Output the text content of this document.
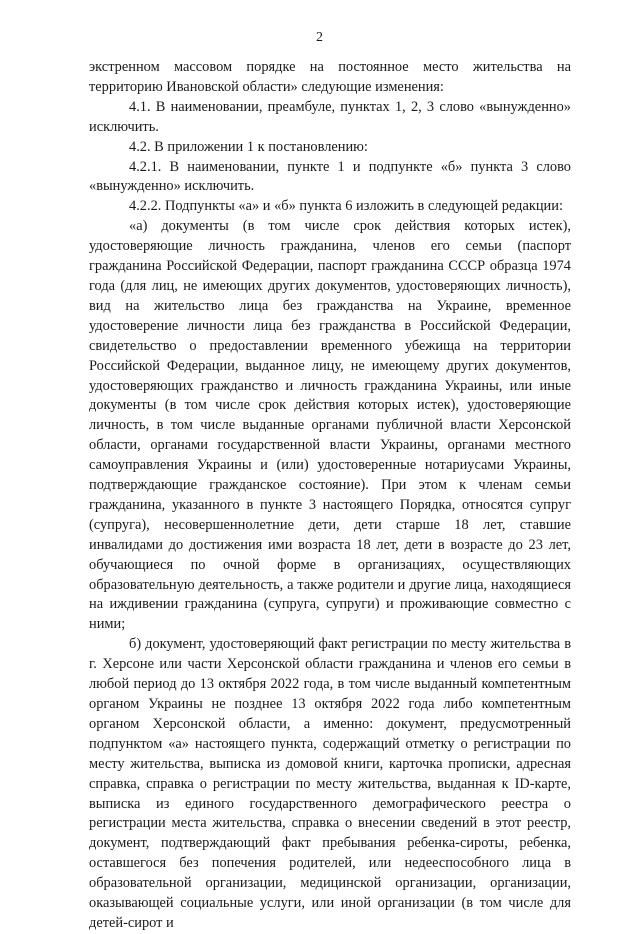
2

экстренном массовом порядке на постоянное место жительства на территорию Ивановской области» следующие изменения:

4.1. В наименовании, преамбуле, пунктах 1, 2, 3 слово «вынужденно» исключить.

4.2. В приложении 1 к постановлению:

4.2.1. В наименовании, пункте 1 и подпункте «б» пункта 3 слово «вынужденно» исключить.

4.2.2. Подпункты «а» и «б» пункта 6 изложить в следующей редакции:

«а) документы (в том числе срок действия которых истек), удостоверяющие личность гражданина, членов его семьи (паспорт гражданина Российской Федерации, паспорт гражданина СССР образца 1974 года (для лиц, не имеющих других документов, удостоверяющих личность), вид на жительство лица без гражданства на Украине, временное удостоверение личности лица без гражданства в Российской Федерации, свидетельство о предоставлении временного убежища на территории Российской Федерации, выданное лицу, не имеющему других документов, удостоверяющих гражданство и личность гражданина Украины, или иные документы (в том числе срок действия которых истек), удостоверяющие личность, в том числе выданные органами публичной власти Херсонской области, органами государственной власти Украины, органами местного самоуправления Украины и (или) удостоверенные нотариусами Украины, подтверждающие гражданское состояние). При этом к членам семьи гражданина, указанного в пункте 3 настоящего Порядка, относятся супруг (супруга), несовершеннолетние дети, дети старше 18 лет, ставшие инвалидами до достижения ими возраста 18 лет, дети в возрасте до 23 лет, обучающиеся по очной форме в организациях, осуществляющих образовательную деятельность, а также родители и другие лица, находящиеся на иждивении гражданина (супруга, супруги) и проживающие совместно с ними;

б) документ, удостоверяющий факт регистрации по месту жительства в г. Херсоне или части Херсонской области гражданина и членов его семьи в любой период до 13 октября 2022 года, в том числе выданный компетентным органом Украины не позднее 13 октября 2022 года либо компетентным органом Херсонской области, а именно: документ, предусмотренный подпунктом «а» настоящего пункта, содержащий отметку о регистрации по месту жительства, выписка из домовой книги, карточка прописки, адресная справка, справка о регистрации по месту жительства, выданная к ID-карте, выписка из единого государственного демографического реестра о регистрации места жительства, справка о внесении сведений в этот реестр, документ, подтверждающий факт пребывания ребенка-сироты, ребенка, оставшегося без попечения родителей, или недееспособного лица в образовательной организации, медицинской организации, организации, оказывающей социальные услуги, или иной организации (в том числе для детей-сирот и
